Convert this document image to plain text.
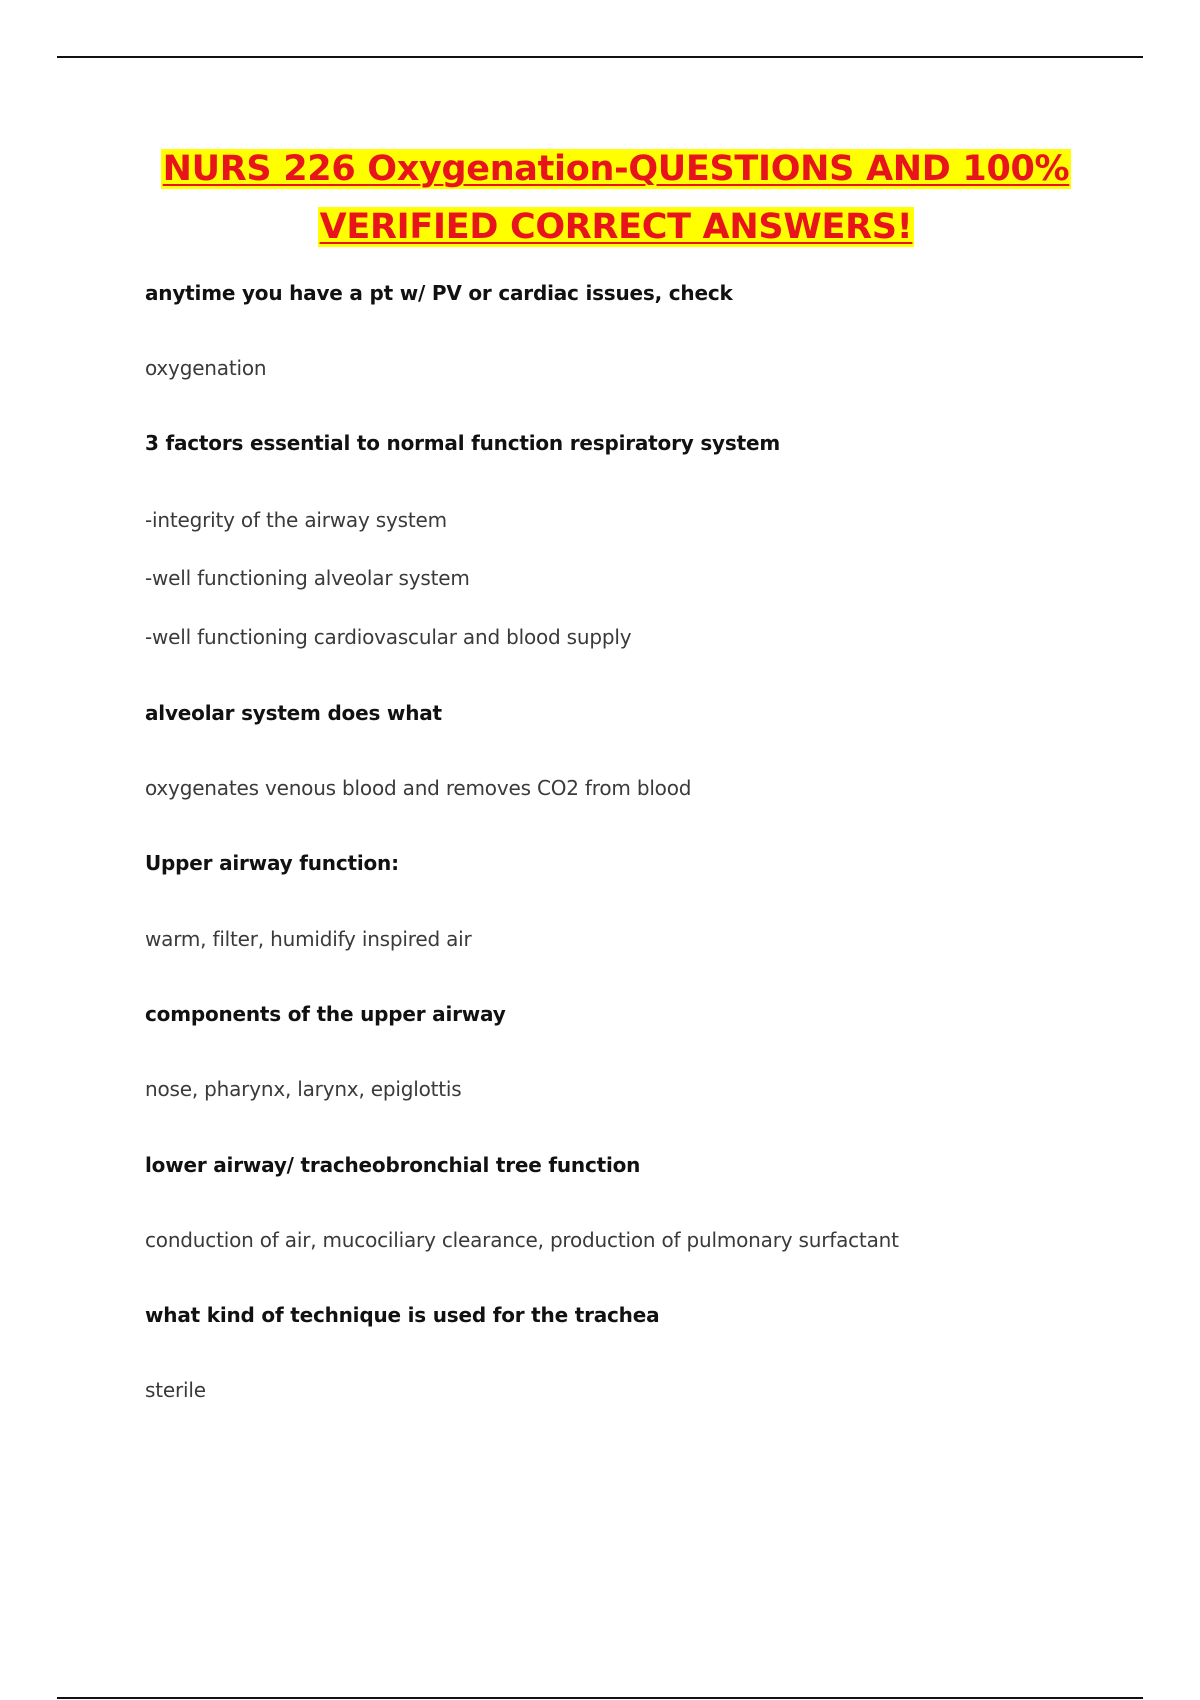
NURS 226 Oxygenation-QUESTIONS AND 100%
VERIFIED CORRECT ANSWERS!
anytime you have a pt w/ PV or cardiac issues, check
oxygenation
3 factors essential to normal function respiratory system
-integrity of the airway system
-well functioning alveolar system
-well functioning cardiovascular and blood supply
alveolar system does what
oxygenates venous blood and removes CO2 from blood
Upper airway function:
warm, filter, humidify inspired air
components of the upper airway
nose, pharynx, larynx, epiglottis
lower airway/ tracheobronchial tree function
conduction of air, mucociliary clearance, production of pulmonary surfactant
what kind of technique is used for the trachea
sterile
